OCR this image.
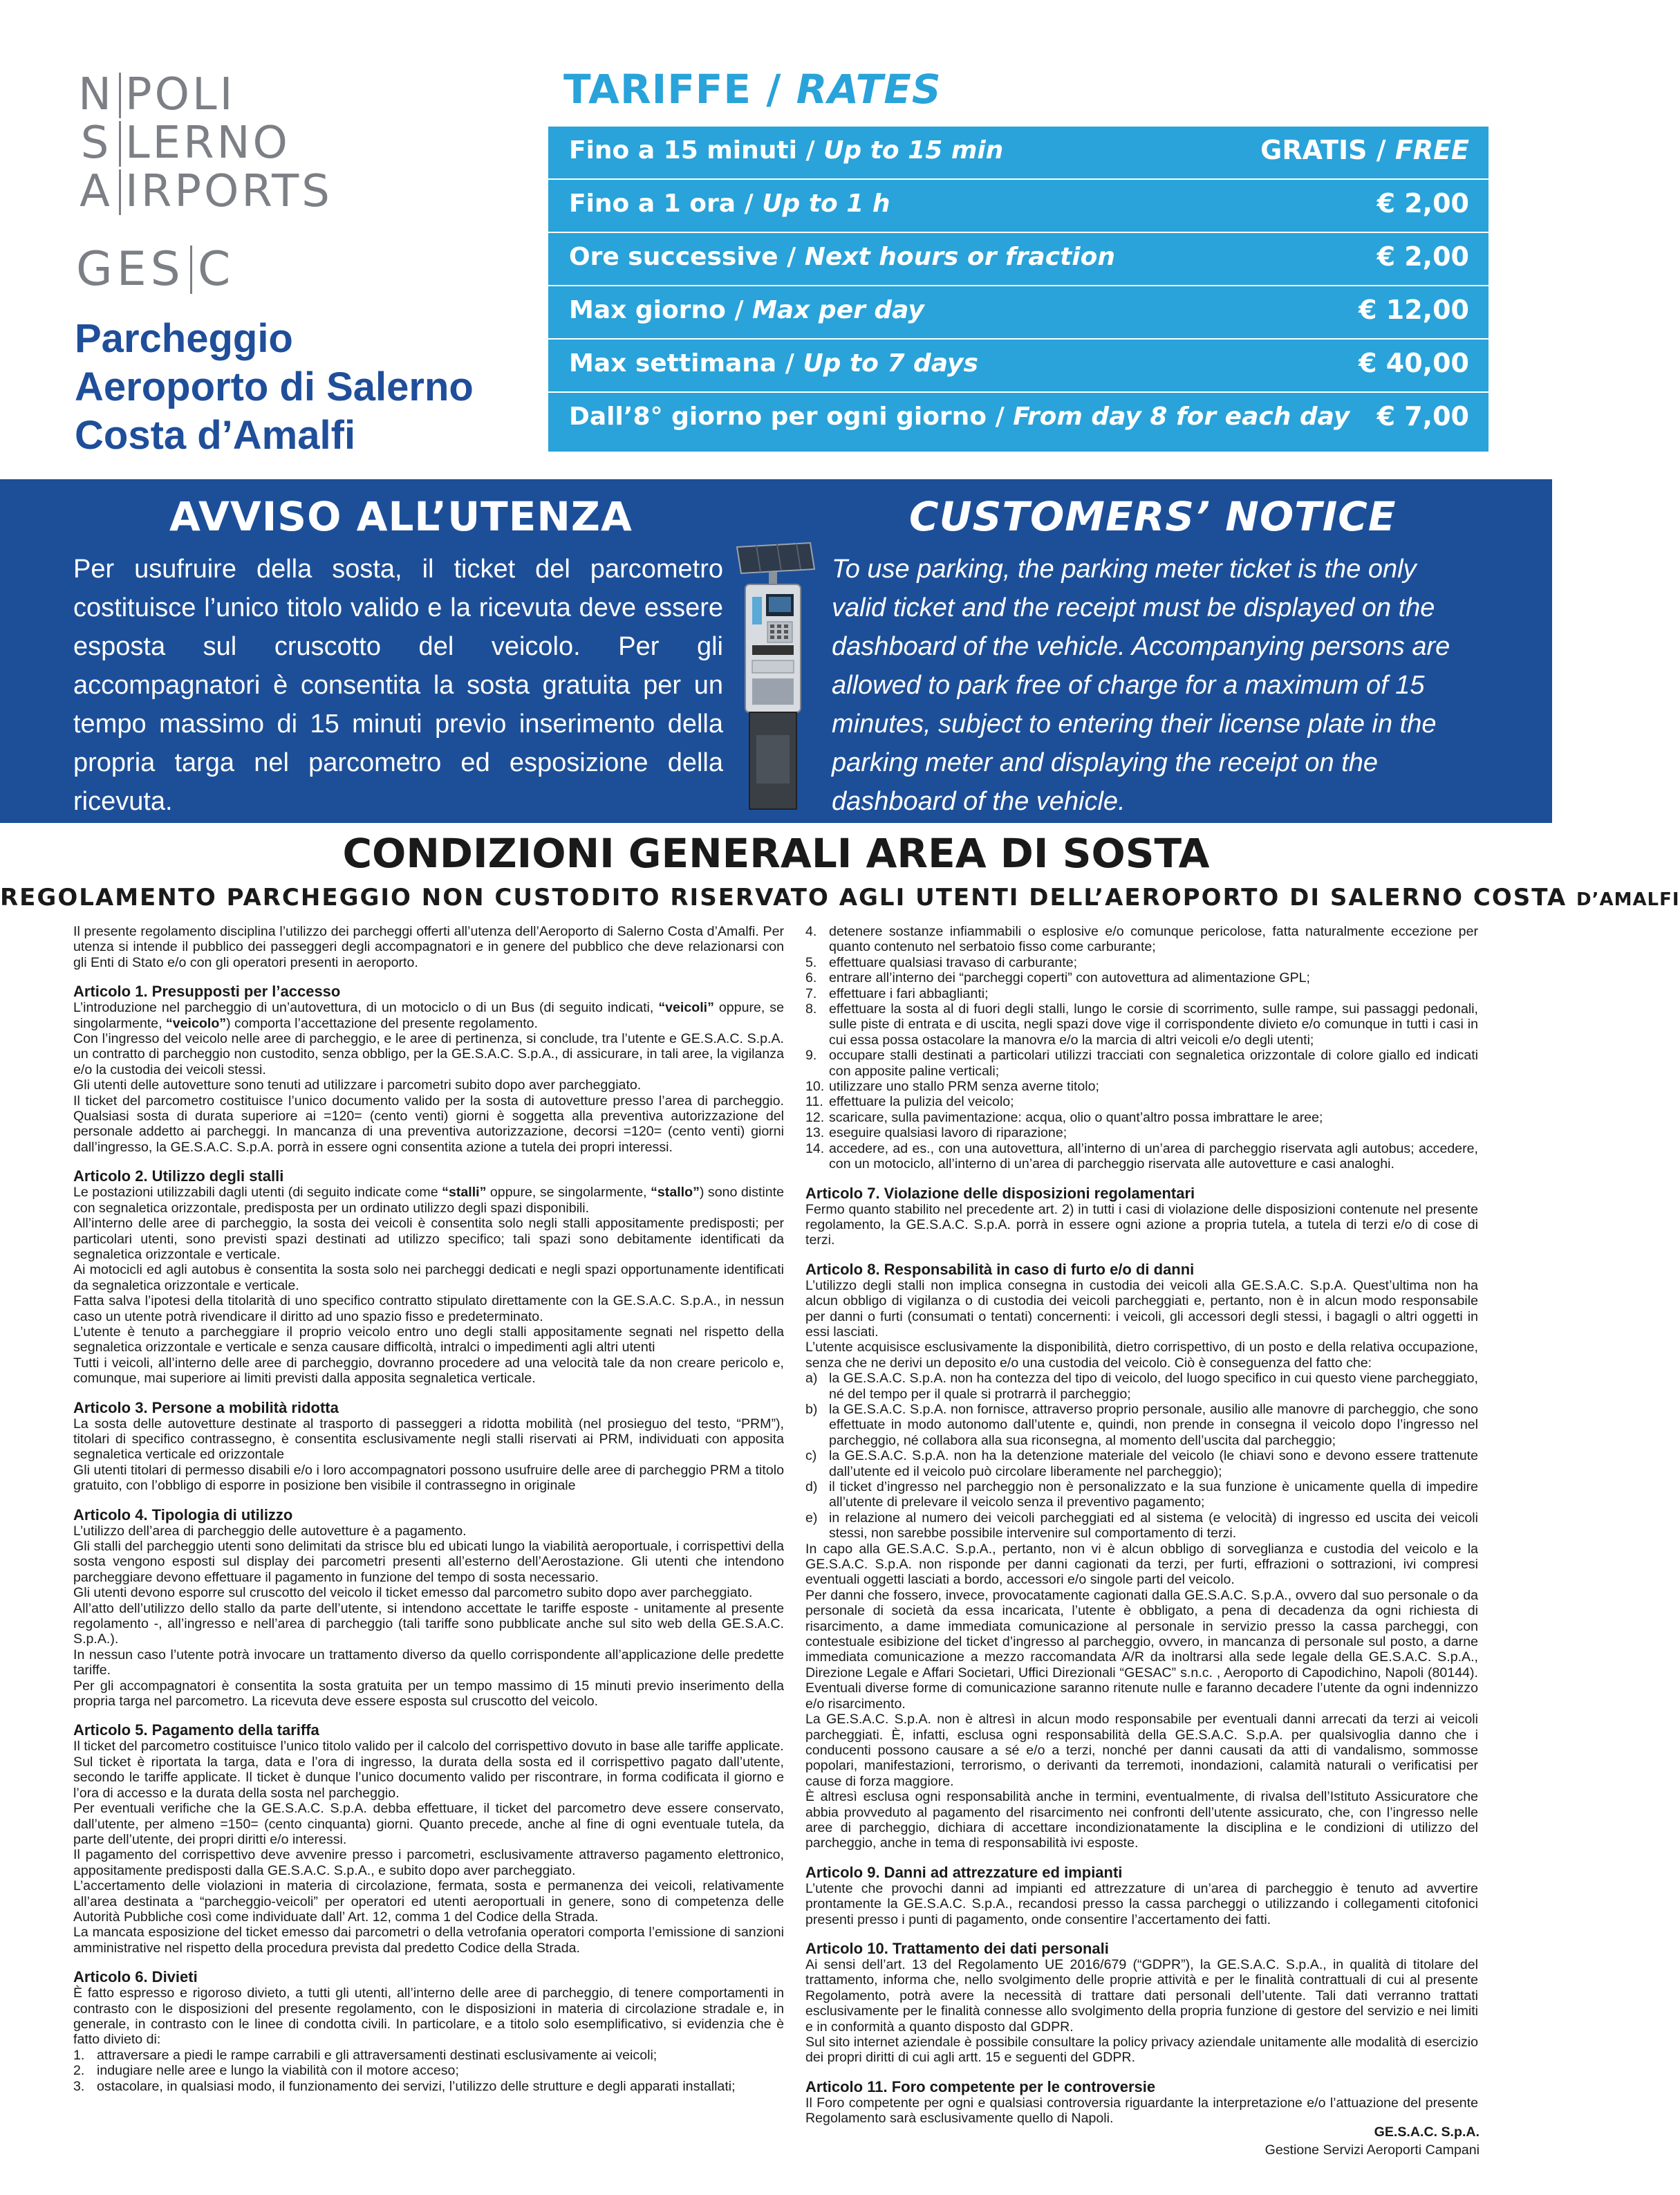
N POLI
S LERNO
A IRPORTS
GES C
Parcheggio
Aeroporto di Salerno
Costa d’Amalfi
TARIFFE / RATES
Fino a 15 minuti / Up to 15 min	GRATIS / FREE
Fino a 1 ora / Up to 1 h	€ 2,00
Ore successive / Next hours or fraction	€ 2,00
Max giorno / Max per day	€ 12,00
Max settimana / Up to 7 days	€ 40,00
Dall’8° giorno per ogni giorno / From day 8 for each day € 7,00
AVVISO ALL’UTENZA
Per usufruire della sosta, il ticket del parcometro costituisce l’unico titolo valido e la ricevuta deve essere esposta sul cruscotto del veicolo. Per gli accompagnatori è consentita la sosta gratuita per un tempo massimo di 15 minuti previo inserimento della propria targa nel parcometro ed esposizione della ricevuta.
CUSTOMERS’ NOTICE
To use parking, the parking meter ticket is the only valid ticket and the receipt must be displayed on the dashboard of the vehicle. Accompanying persons are allowed to park free of charge for a maximum of 15 minutes, subject to entering their license plate in the parking meter and displaying the receipt on the dashboard of the vehicle.
CONDIZIONI GENERALI AREA DI SOSTA
REGOLAMENTO PARCHEGGIO NON CUSTODITO RISERVATO AGLI UTENTI DELL’AEROPORTO DI SALERNO COSTA D’AMALFI

Il presente regolamento disciplina l’utilizzo dei parcheggi offerti all’utenza dell’Aeroporto di Salerno Costa d’Amalfi. Per utenza si intende il pubblico dei passeggeri degli accompagnatori e in genere del pubblico che deve relazionarsi con gli Enti di Stato e/o con gli operatori presenti in aeroporto.

Articolo 1. Presupposti per l’accesso

L’introduzione nel parcheggio di un’autovettura, di un motociclo o di un Bus (di seguito indicati, “veicoli” oppure, se singolarmente, “veicolo”) comporta l’accettazione del presente regolamento.

Con l’ingresso del veicolo nelle aree di parcheggio, e le aree di pertinenza, si conclude, tra l’utente e GE.S.A.C. S.p.A. un contratto di parcheggio non custodito, senza obbligo, per la GE.S.A.C. S.p.A., di assicurare, in tali aree, la vigilanza e/o la custodia dei veicoli stessi.

Gli utenti delle autovetture sono tenuti ad utilizzare i parcometri subito dopo aver parcheggiato.

Il ticket del parcometro costituisce l’unico documento valido per la sosta di autovetture presso l’area di parcheggio. Qualsiasi sosta di durata superiore ai =120= (cento venti) giorni è soggetta alla preventiva autorizzazione del personale addetto ai parcheggi. In mancanza di una preventiva autorizzazione, decorsi =120= (cento venti) giorni dall’ingresso, la GE.S.A.C. S.p.A. porrà in essere ogni consentita azione a tutela dei propri interessi.

Articolo 2. Utilizzo degli stalli

Le postazioni utilizzabili dagli utenti (di seguito indicate come “stalli” oppure, se singolarmente, “stallo”) sono distinte con segnaletica orizzontale, predisposta per un ordinato utilizzo degli spazi disponibili.

All’interno delle aree di parcheggio, la sosta dei veicoli è consentita solo negli stalli appositamente predisposti; per particolari utenti, sono previsti spazi destinati ad utilizzo specifico; tali spazi sono debitamente identificati da segnaletica orizzontale e verticale.

Ai motocicli ed agli autobus è consentita la sosta solo nei parcheggi dedicati e negli spazi opportunamente identificati da segnaletica orizzontale e verticale.

Fatta salva l’ipotesi della titolarità di uno specifico contratto stipulato direttamente con la GE.S.A.C. S.p.A., in nessun caso un utente potrà rivendicare il diritto ad uno spazio fisso e predeterminato.

L’utente è tenuto a parcheggiare il proprio veicolo entro uno degli stalli appositamente segnati nel rispetto della segnaletica orizzontale e verticale e senza causare difficoltà, intralci o impedimenti agli altri utenti

Tutti i veicoli, all’interno delle aree di parcheggio, dovranno procedere ad una velocità tale da non creare pericolo e, comunque, mai superiore ai limiti previsti dalla apposita segnaletica verticale.

Articolo 3. Persone a mobilità ridotta

La sosta delle autovetture destinate al trasporto di passeggeri a ridotta mobilità (nel prosieguo del testo, “PRM”), titolari di specifico contrassegno, è consentita esclusivamente negli stalli riservati ai PRM, individuati con apposita segnaletica verticale ed orizzontale

Gli utenti titolari di permesso disabili e/o i loro accompagnatori possono usufruire delle aree di parcheggio PRM a titolo gratuito, con l’obbligo di esporre in posizione ben visibile il contrassegno in originale

Articolo 4. Tipologia di utilizzo

L’utilizzo dell’area di parcheggio delle autovetture è a pagamento.

Gli stalli del parcheggio utenti sono delimitati da strisce blu ed ubicati lungo la viabilità aeroportuale, i corrispettivi della sosta vengono esposti sul display dei parcometri presenti all’esterno dell’Aerostazione. Gli utenti che intendono parcheggiare devono effettuare il pagamento in funzione del tempo di sosta necessario.

Gli utenti devono esporre sul cruscotto del veicolo il ticket emesso dal parcometro subito dopo aver parcheggiato.

All’atto dell’utilizzo dello stallo da parte dell’utente, si intendono accettate le tariffe esposte - unitamente al presente regolamento -, all’ingresso e nell’area di parcheggio (tali tariffe sono pubblicate anche sul sito web della GE.S.A.C. S.p.A.).

In nessun caso l’utente potrà invocare un trattamento diverso da quello corrispondente all’applicazione delle predette tariffe.

Per gli accompagnatori è consentita la sosta gratuita per un tempo massimo di 15 minuti previo inserimento della propria targa nel parcometro. La ricevuta deve essere esposta sul cruscotto del veicolo.

Articolo 5. Pagamento della tariffa

Il ticket del parcometro costituisce l’unico titolo valido per il calcolo del corrispettivo dovuto in base alle tariffe applicate.

Sul ticket è riportata la targa, data e l’ora di ingresso, la durata della sosta ed il corrispettivo pagato dall’utente, secondo le tariffe applicate. Il ticket è dunque l’unico documento valido per riscontrare, in forma codificata il giorno e l’ora di accesso e la durata della sosta nel parcheggio.

Per eventuali verifiche che la GE.S.A.C. S.p.A. debba effettuare, il ticket del parcometro deve essere conservato, dall’utente, per almeno =150= (cento cinquanta) giorni. Quanto precede, anche al fine di ogni eventuale tutela, da parte dell’utente, dei propri diritti e/o interessi.

Il pagamento del corrispettivo deve avvenire presso i parcometri, esclusivamente attraverso pagamento elettronico, appositamente predisposti dalla GE.S.A.C. S.p.A., e subito dopo aver parcheggiato.

L’accertamento delle violazioni in materia di circolazione, fermata, sosta e permanenza dei veicoli, relativamente all’area destinata a “parcheggio-veicoli” per operatori ed utenti aeroportuali in genere, sono di competenza delle Autorità Pubbliche così come individuate dall’ Art. 12, comma 1 del Codice della Strada.

La mancata esposizione del ticket emesso dai parcometri o della vetrofania operatori comporta l’emissione di sanzioni amministrative nel rispetto della procedura prevista dal predetto Codice della Strada.

Articolo 6. Divieti

È fatto espresso e rigoroso divieto, a tutti gli utenti, all’interno delle aree di parcheggio, di tenere comportamenti in contrasto con le disposizioni del presente regolamento, con le disposizioni in materia di circolazione stradale e, in generale, in contrasto con le linee di condotta civili. In particolare, e a titolo solo esemplificativo, si evidenzia che è fatto divieto di:

1. attraversare a piedi le rampe carrabili e gli attraversamenti destinati esclusivamente ai veicoli;
2. indugiare nelle aree e lungo la viabilità con il motore acceso;
3. ostacolare, in qualsiasi modo, il funzionamento dei servizi, l’utilizzo delle strutture e degli apparati installati;
4. detenere sostanze infiammabili o esplosive e/o comunque pericolose, fatta naturalmente eccezione per quanto contenuto nel serbatoio fisso come carburante;
5. effettuare qualsiasi travaso di carburante;
6. entrare all’interno dei “parcheggi coperti” con autovettura ad alimentazione GPL;
7. effettuare i fari abbaglianti;
8. effettuare la sosta al di fuori degli stalli, lungo le corsie di scorrimento, sulle rampe, sui passaggi pedonali, sulle piste di entrata e di uscita, negli spazi dove vige il corrispondente divieto e/o comunque in tutti i casi in cui essa possa ostacolare la manovra e/o la marcia di altri veicoli e/o degli utenti;
9. occupare stalli destinati a particolari utilizzi tracciati con segnaletica orizzontale di colore giallo ed indicati con apposite paline verticali;
10. utilizzare uno stallo PRM senza averne titolo;
11. effettuare la pulizia del veicolo;
12. scaricare, sulla pavimentazione: acqua, olio o quant’altro possa imbrattare le aree;
13. eseguire qualsiasi lavoro di riparazione;
14. accedere, ad es., con una autovettura, all’interno di un’area di parcheggio riservata agli autobus; accedere, con un motociclo, all’interno di un’area di parcheggio riservata alle autovetture e casi analoghi.
Articolo 7. Violazione delle disposizioni regolamentari

Fermo quanto stabilito nel precedente art. 2) in tutti i casi di violazione delle disposizioni contenute nel presente regolamento, la GE.S.A.C. S.p.A. porrà in essere ogni azione a propria tutela, a tutela di terzi e/o di cose di terzi.

Articolo 8. Responsabilità in caso di furto e/o di danni

L’utilizzo degli stalli non implica consegna in custodia dei veicoli alla GE.S.A.C. S.p.A. Quest’ultima non ha alcun obbligo di vigilanza o di custodia dei veicoli parcheggiati e, pertanto, non è in alcun modo responsabile per danni o furti (consumati o tentati) concernenti: i veicoli, gli accessori degli stessi, i bagagli o altri oggetti in essi lasciati.

L’utente acquisisce esclusivamente la disponibilità, dietro corrispettivo, di un posto e della relativa occupazione, senza che ne derivi un deposito e/o una custodia del veicolo. Ciò è conseguenza del fatto che:

a) la GE.S.A.C. S.p.A. non ha contezza del tipo di veicolo, del luogo specifico in cui questo viene parcheggiato, né del tempo per il quale si protrarrà il parcheggio;
b) la GE.S.A.C. S.p.A. non fornisce, attraverso proprio personale, ausilio alle manovre di parcheggio, che sono effettuate in modo autonomo dall’utente e, quindi, non prende in consegna il veicolo dopo l’ingresso nel parcheggio, né collabora alla sua riconsegna, al momento dell’uscita dal parcheggio;
c) la GE.S.A.C. S.p.A. non ha la detenzione materiale del veicolo (le chiavi sono e devono essere trattenute dall’utente ed il veicolo può circolare liberamente nel parcheggio);
d) il ticket d’ingresso nel parcheggio non è personalizzato e la sua funzione è unicamente quella di impedire all’utente di prelevare il veicolo senza il preventivo pagamento;
e) in relazione al numero dei veicoli parcheggiati ed al sistema (e velocità) di ingresso ed uscita dei veicoli stessi, non sarebbe possibile intervenire sul comportamento di terzi.

In capo alla GE.S.A.C. S.p.A., pertanto, non vi è alcun obbligo di sorveglianza e custodia del veicolo e la GE.S.A.C. S.p.A. non risponde per danni cagionati da terzi, per furti, effrazioni o sottrazioni, ivi compresi eventuali oggetti lasciati a bordo, accessori e/o singole parti del veicolo.

Per danni che fossero, invece, provocatamente cagionati dalla GE.S.A.C. S.p.A., ovvero dal suo personale o da personale di società da essa incaricata, l’utente è obbligato, a pena di decadenza da ogni richiesta di risarcimento, a dame immediata comunicazione al personale in servizio presso la cassa parcheggi, con contestuale esibizione del ticket d’ingresso al parcheggio, ovvero, in mancanza di personale sul posto, a darne immediata comunicazione a mezzo raccomandata A/R da inoltrarsi alla sede legale della GE.S.A.C. S.p.A., Direzione Legale e Affari Societari, Uffici Direzionali “GESAC” s.n.c. , Aeroporto di Capodichino, Napoli (80144). Eventuali diverse forme di comunicazione saranno ritenute nulle e faranno decadere l’utente da ogni indennizzo e/o risarcimento.

La GE.S.A.C. S.p.A. non è altresì in alcun modo responsabile per eventuali danni arrecati da terzi ai veicoli parcheggiati. È, infatti, esclusa ogni responsabilità della GE.S.A.C. S.p.A. per qualsivoglia danno che i conducenti possono causare a sé e/o a terzi, nonché per danni causati da atti di vandalismo, sommosse popolari, manifestazioni, terrorismo, o derivanti da terremoti, inondazioni, calamità naturali o verificatisi per cause di forza maggiore.

È altresì esclusa ogni responsabilità anche in termini, eventualmente, di rivalsa dell’Istituto Assicuratore che abbia provveduto al pagamento del risarcimento nei confronti dell’utente assicurato, che, con l’ingresso nelle aree di parcheggio, dichiara di accettare incondizionatamente la disciplina e le condizioni di utilizzo del parcheggio, anche in tema di responsabilità ivi esposte.

Articolo 9. Danni ad attrezzature ed impianti

L’utente che provochi danni ad impianti ed attrezzature di un’area di parcheggio è tenuto ad avvertire prontamente la GE.S.A.C. S.p.A., recandosi presso la cassa parcheggi o utilizzando i collegamenti citofonici presenti presso i punti di pagamento, onde consentire l’accertamento dei fatti.

Articolo 10. Trattamento dei dati personali

Ai sensi dell’art. 13 del Regolamento UE 2016/679 (“GDPR”), la GE.S.A.C. S.p.A., in qualità di titolare del trattamento, informa che, nello svolgimento delle proprie attività e per le finalità contrattuali di cui al presente Regolamento, potrà avere la necessità di trattare dati personali dell’utente. Tali dati verranno trattati esclusivamente per le finalità connesse allo svolgimento della propria funzione di gestore del servizio e nei limiti e in conformità a quanto disposto dal GDPR.

Sul sito internet aziendale è possibile consultare la policy privacy aziendale unitamente alle modalità di esercizio dei propri diritti di cui agli artt. 15 e seguenti del GDPR.

Articolo 11. Foro competente per le controversie

Il Foro competente per ogni e qualsiasi controversia riguardante la interpretazione e/o l’attuazione del presente Regolamento sarà esclusivamente quello di Napoli.

GE.S.A.C. S.p.A.
Gestione Servizi Aeroporti Campani
